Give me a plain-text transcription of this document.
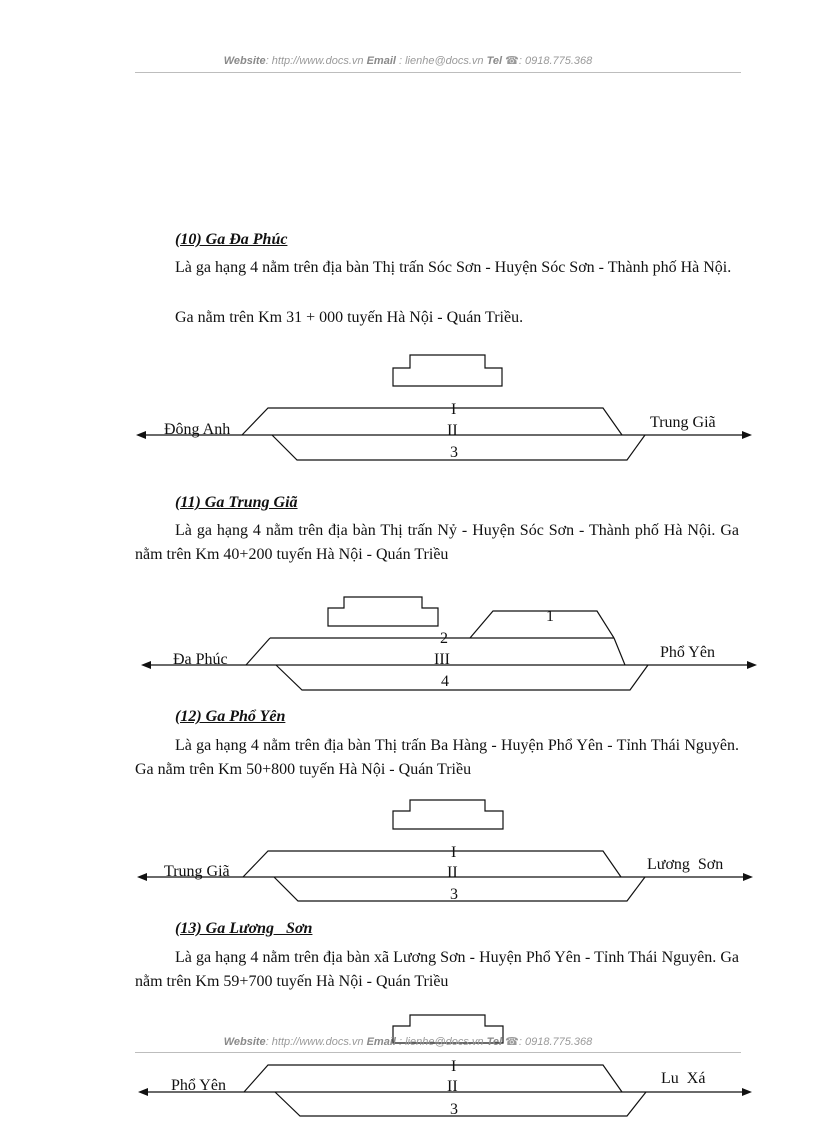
Website: http://www.docs.vn Email : lienhe@docs.vn Tel ☎: 0918.775.368
(10) Ga Đa Phúc
Là ga hạng 4 nằm trên địa bàn Thị trấn Sóc Sơn - Huyện Sóc Sơn - Thành phố Hà Nội.
Ga nằm trên Km 31 + 000 tuyến Hà Nội - Quán Triều.
Đông Anh	Trung Giã
I
II
3
(11) Ga Trung Giã
Là ga hạng 4 nằm trên địa bàn Thị trấn Nỷ - Huyện Sóc Sơn - Thành phố Hà Nội. Ga nằm trên Km 40+200 tuyến Hà Nội - Quán Triều
Đa Phúc	Phổ Yên
1
2
III
4
(12) Ga Phổ Yên
Là ga hạng 4 nằm trên địa bàn Thị trấn Ba Hàng - Huyện Phổ Yên - Tỉnh Thái Nguyên. Ga nằm trên Km 50+800 tuyến Hà Nội - Quán Triều
Trung Giã	Lương  Sơn
I
II
3
(13) Ga Lương   Sơn
Là ga hạng 4 nằm trên địa bàn xã Lương Sơn - Huyện Phổ Yên - Tỉnh Thái Nguyên. Ga nằm trên Km 59+700 tuyến Hà Nội - Quán Triều
Phổ Yên	Lu  Xá
I
II
3
Website: http://www.docs.vn Email : lienhe@docs.vn Tel ☎: 0918.775.368
